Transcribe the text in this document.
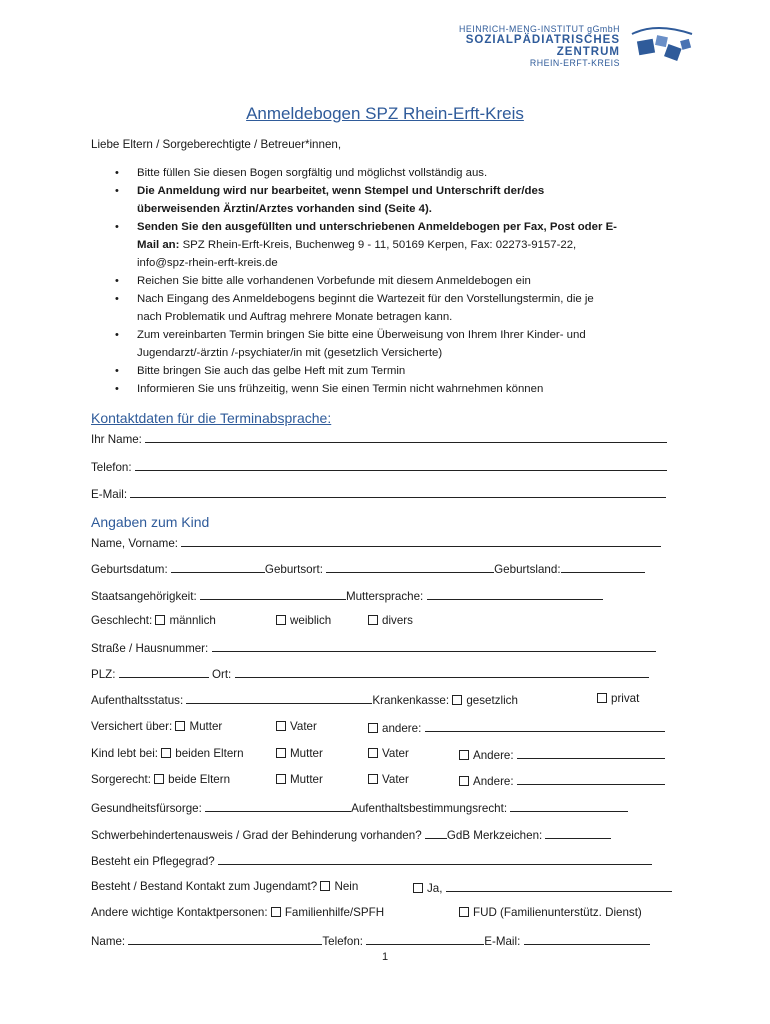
HEINRICH-MENG-INSTITUT gGmbH
SOZIALPÄDIATRISCHES ZENTRUM
RHEIN-ERFT-KREIS
Anmeldebogen SPZ Rhein-Erft-Kreis
Liebe Eltern / Sorgeberechtigte / Betreuer*innen,
• Bitte füllen Sie diesen Bogen sorgfältig und möglichst vollständig aus.
• Die Anmeldung wird nur bearbeitet, wenn Stempel und Unterschrift der/des
überweisenden Ärztin/Arztes vorhanden sind (Seite 4).
• Senden Sie den ausgefüllten und unterschriebenen Anmeldebogen per Fax, Post oder E-
Mail an: SPZ Rhein-Erft-Kreis, Buchenweg 9 - 11, 50169 Kerpen, Fax: 02273-9157-22,
info@spz-rhein-erft-kreis.de
• Reichen Sie bitte alle vorhandenen Vorbefunde mit diesem Anmeldebogen ein
• Nach Eingang des Anmeldebogens beginnt die Wartezeit für den Vorstellungstermin, die je
nach Problematik und Auftrag mehrere Monate betragen kann.
• Zum vereinbarten Termin bringen Sie bitte eine Überweisung von Ihrem Ihrer Kinder- und
Jugendarzt/-ärztin /-psychiater/in mit (gesetzlich Versicherte)
• Bitte bringen Sie auch das gelbe Heft mit zum Termin
• Informieren Sie uns frühzeitig, wenn Sie einen Termin nicht wahrnehmen können
Kontaktdaten für die Terminabsprache:
Ihr Name:
Telefon:
E-Mail:
Angaben zum Kind
Name, Vorname:
Geburtsdatum:	Geburtsort:	Geburtsland:
Staatsangehörigkeit:	Muttersprache:
Geschlecht: männlich	weiblich	divers
Straße / Hausnummer:
PLZ:	Ort:
Aufenthaltsstatus:	Krankenkasse: gesetzlich	privat
Versichert über: Mutter	Vater	andere:
Kind lebt bei: beiden Eltern	Mutter	Vater	Andere:
Sorgerecht: beide Eltern	Mutter	Vater	Andere:
Gesundheitsfürsorge:	Aufenthaltsbestimmungsrecht:
Schwerbehindertenausweis / Grad der Behinderung vorhanden? GdB Merkzeichen:
Besteht ein Pflegegrad?
Besteht / Bestand Kontakt zum Jugendamt? Nein	Ja,
Andere wichtige Kontaktpersonen: Familienhilfe/SPFH	FUD (Familienunterstütz. Dienst)
Name:	Telefon:	E-Mail:
1
